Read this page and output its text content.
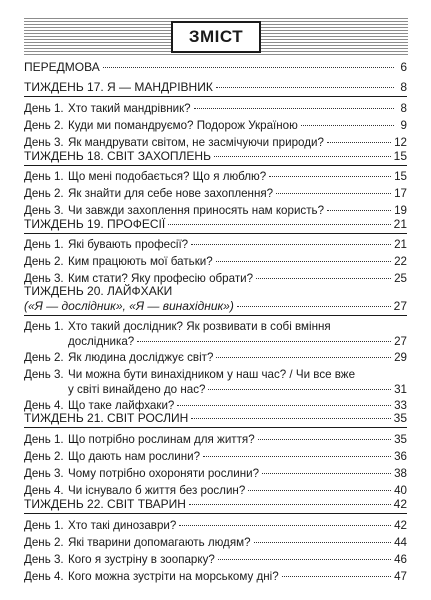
ЗМІСТ
ПЕРЕДМОВА	6
ТИЖДЕНЬ 17. Я — МАНДРІВНИК	8
День 1. Хто такий мандрівник?	8
День 2. Куди ми помандруємо? Подорож Україною	9
День 3. Як мандрувати світом, не засмічуючи природи?	12
ТИЖДЕНЬ 18. СВІТ ЗАХОПЛЕНЬ	15
День 1. Що мені подобається? Що я люблю?	15
День 2. Як знайти для себе нове захоплення?	17
День 3. Чи завжди захоплення приносять нам користь?	19
ТИЖДЕНЬ 19. ПРОФЕСІЇ	21
День 1. Які бувають професії?	21
День 2. Ким працюють мої батьки?	22
День 3. Ким стати? Яку професію обрати?	25
ТИЖДЕНЬ 20. ЛАЙФХАКИ
(«Я — дослідник», «Я — винахідник»)	27
День 1. Хто такий дослідник? Як розвивати в собі вміння
дослідника?	27
День 2. Як людина досліджує світ?	29
День 3. Чи можна бути винахідником у наш час? / Чи все вже
у світі винайдено до нас?	31
День 4. Що таке лайфхаки?	33
ТИЖДЕНЬ 21. СВІТ РОСЛИН	35
День 1. Що потрібно рослинам для життя?	35
День 2. Що дають нам рослини?	36
День 3. Чому потрібно охороняти рослини?	38
День 4. Чи існувало б життя без рослин?	40
ТИЖДЕНЬ 22. СВІТ ТВАРИН	42
День 1. Хто такі динозаври?	42
День 2. Які тварини допомагають людям?	44
День 3. Кого я зустріну в зоопарку?	46
День 4. Кого можна зустріти на морському дні?	47
